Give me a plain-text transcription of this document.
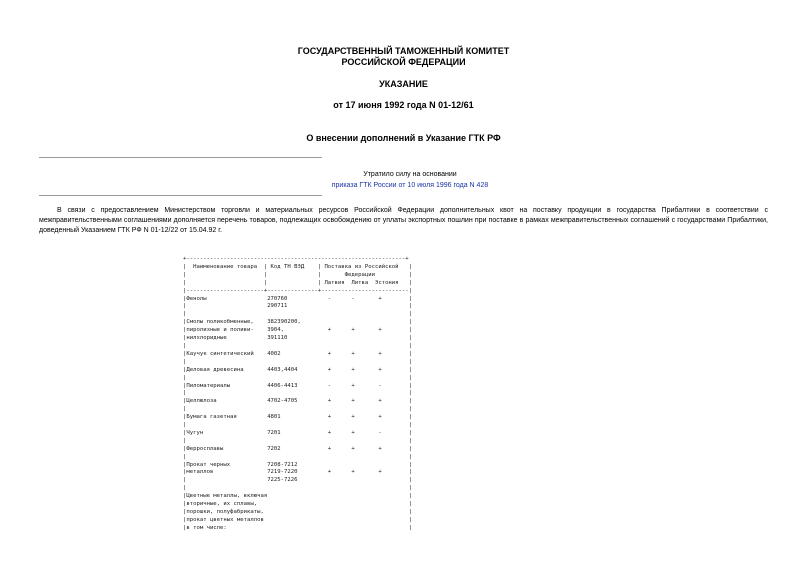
ГОСУДАРСТВЕННЫЙ ТАМОЖЕННЫЙ КОМИТЕТ
РОССИЙСКОЙ ФЕДЕРАЦИИ
УКАЗАНИЕ
от 17 июня 1992 года N 01-12/61
О внесении дополнений в Указание ГТК РФ
Утратило силу на основании
приказа ГТК России от 10 июля 1996 года N 428
В связи с предоставлением Министерством торговли и материальных ресурсов Российской Федерации дополнительных квот на поставку продукции в государства Прибалтики в соответствии с межправительственными соглашениями дополняется перечень товаров, подлежащих освобождению от уплаты экспортных пошлин при поставке в рамках межправительственных соглашений с государствами Прибалтики, доведенный Указанием ГТК РФ N 01-12/22 от 15.04.92 г.
+-----------------------------------------------------------------+
|  Наименование товара  | Код ТН ВЭД    | Поставка из Российской   |
|                       |               |       Федерации          |
|                       |               | Латвия  Литва  Эстония   |
|-----------------------+---------------+--------------------------|
|Фенолы                  270760            -      -       +        |
|                        290711                                    |
|                                                                  |
|Смолы поликобменные,    382390200,                                |
|пиролизные и поливи-    3904,             +      +       +        |
|нилхлоридные            391110                                    |
|                                                                  |
|Каучук синтетический    4002              +      +       +        |
|                                                                  |
|Деловая древесина       4403,4404         +      +       +        |
|                                                                  |
|Пиломатериалы           4406-4413         -      +       -        |
|                                                                  |
|Целлюлоза               4702-4705         +      +       +        |
|                                                                  |
|Бумага газетная         4801              +      +       +        |
|                                                                  |
|Чугун                   7201              +      +       -        |
|                                                                  |
|Ферросплавы             7202              +      +       +        |
|                                                                  |
|Прокат черных           7208-7212                                 |
|металлов                7219-7220         +      +       +        |
|                        7225-7226                                 |
|                                                                  |
|Цветные металлы, включая                                          |
|вторичные, их сплавы,                                             |
|порошки, полуфабрикаты,                                           |
|прокат цветных металлов                                           |
|в том числе:                                                      |
